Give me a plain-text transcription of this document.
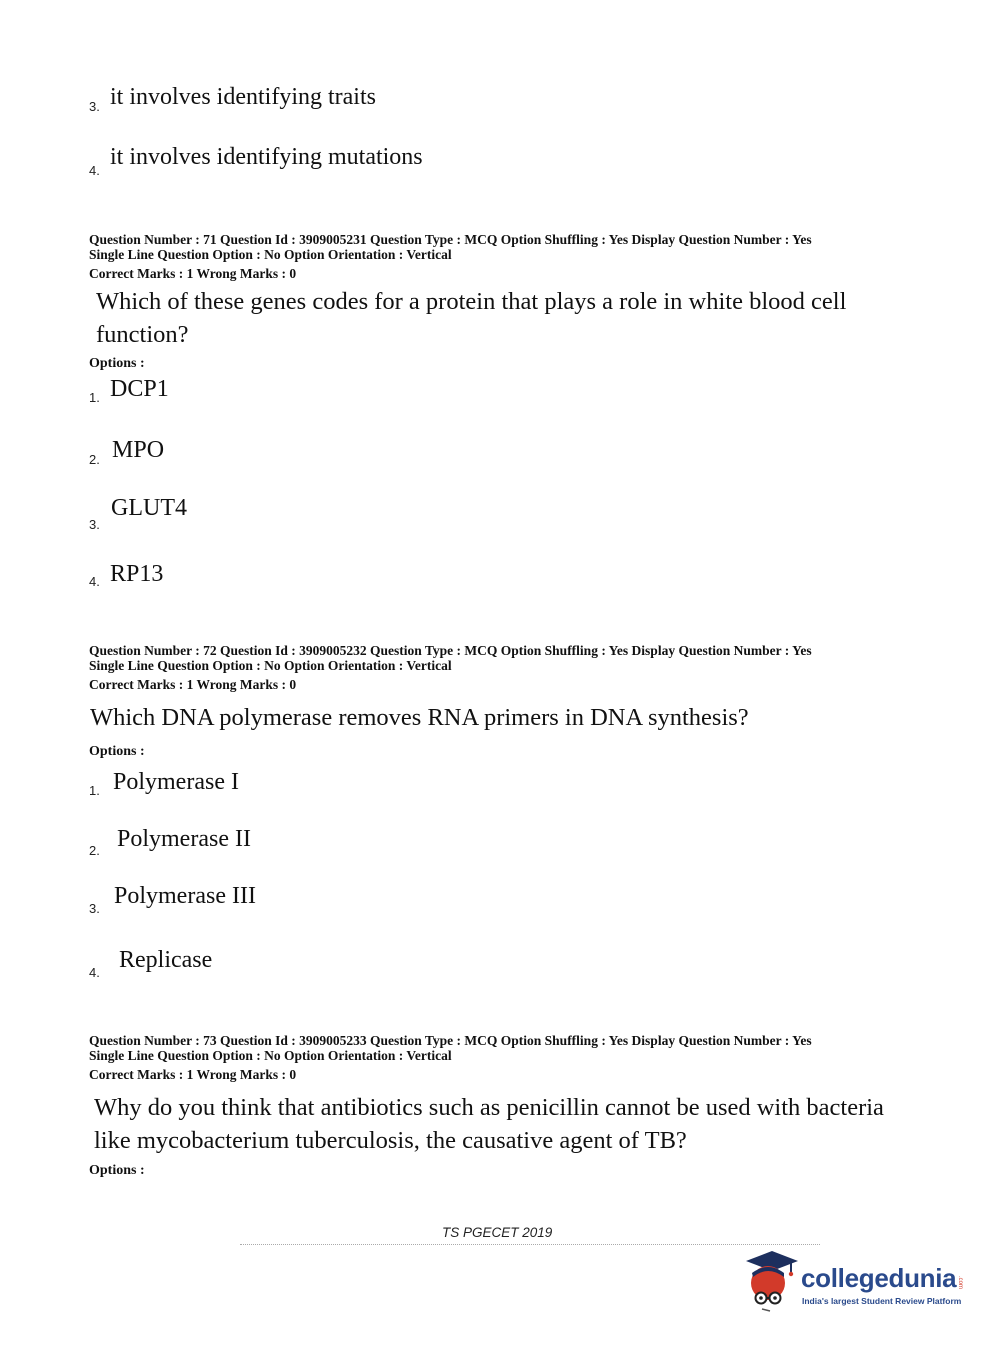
3. it involves identifying traits
4.
it involves identifying mutations
Question Number : 71 Question Id : 3909005231 Question Type : MCQ Option Shuffling : Yes Display Question Number : Yes
Single Line Question Option : No Option Orientation : Vertical
Correct Marks : 1 Wrong Marks : 0
Which of these genes codes for a protein that plays a role in white blood cell function?
Options :
1. DCP1
2. MPO
3.
GLUT4
4. RP13
Question Number : 72 Question Id : 3909005232 Question Type : MCQ Option Shuffling : Yes Display Question Number : Yes
Single Line Question Option : No Option Orientation : Vertical
Correct Marks : 1 Wrong Marks : 0
Which DNA polymerase removes RNA primers in DNA synthesis?
Options :
1. Polymerase I
2. Polymerase II
3. Polymerase III
4. Replicase
Question Number : 73 Question Id : 3909005233 Question Type : MCQ Option Shuffling : Yes Display Question Number : Yes
Single Line Question Option : No Option Orientation : Vertical
Correct Marks : 1 Wrong Marks : 0
Why do you think that antibiotics such as penicillin cannot be used with bacteria like mycobacterium tuberculosis, the causative agent of TB?
Options :
TS PGECET 2019
collegedunia .com
India's largest Student Review Platform
